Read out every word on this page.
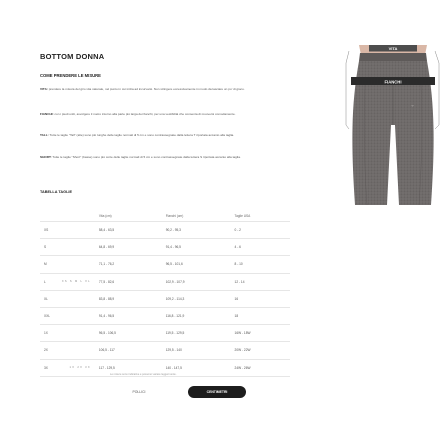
BOTTOM DONNA
COME PRENDERE LE MISURE
VITA: prendere la misura del giro vita naturale, nel punto in cui inizia ad incurvarsi. Non stringere eccessivamente in modo da lasciare un po' di gioco.
FIANCHI: con i piedi uniti, avvolgere il metro intorno alla parte più larga dei fianchi, per una vestibilità che consenta di muoversi comodamente.
TALL: Tutte le taglie "Tall" (alte) sono più lunghe delle taglie normali di 5 cm e sono contrassegnate dalla lettera T riportata accanto alla taglia.
SHORT: Tutte le taglie "Short" (basse) sono più corte delle taglie normali di 5 cm e sono contrassegnate dalla lettera S riportata accanto alla taglia.
VITA
FIANCHI
TABELLA TAGLIE
	Vita (cm)	Fianchi (cm)	Taglie USA

XS	58,4 - 63,5	90,2 - 95,3	0 - 2

S	64,8 - 69,9	91,4 - 96,5	4 - 6

M	71,1 - 76,2	96,5 - 101,6	8 - 10

L XS S M L XL	77,5 - 82,6	102,9 - 107,9	12 - 14

XL	83,8 - 88,9	109,2 - 114,3	16

XXL	91,4 - 96,5	116,8 - 121,9	18

1X	96,5 - 106,5	119,5 - 129,5	16W - 18W

2X	106,5 - 117	129,5 - 140	20W - 22W

3X 1X 2X 3X	117 - 129,5	140 - 147,5	24W - 26W
Le misure sono indicative e possono variare leggermente.
POLLICI	CENTIMETRI
